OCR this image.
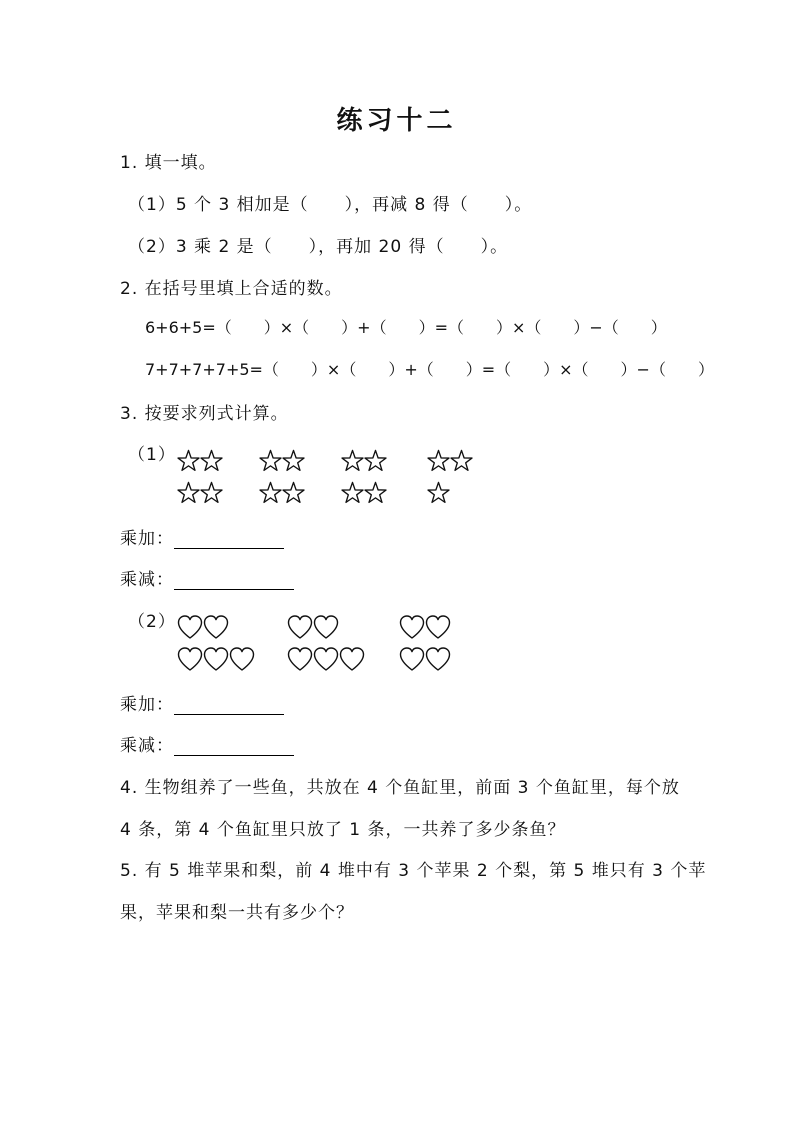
练习十二
1. 填一填。
（1）5 个 3 相加是（　　），再减 8 得（　　）。
（2）3 乘 2 是（　　），再加 20 得（　　）。
2. 在括号里填上合适的数。
6+6+5=（　　）×（　　）+（　　）=（　　）×（　　）−（　　）
7+7+7+7+5=（　　）×（　　）+（　　）=（　　）×（　　）−（　　）
3. 按要求列式计算。
（1）
乘加：
乘减：
（2）
乘加：
乘减：
4. 生物组养了一些鱼，共放在 4 个鱼缸里，前面 3 个鱼缸里，每个放
4 条，第 4 个鱼缸里只放了 1 条，一共养了多少条鱼？
5. 有 5 堆苹果和梨，前 4 堆中有 3 个苹果 2 个梨，第 5 堆只有 3 个苹
果，苹果和梨一共有多少个？
